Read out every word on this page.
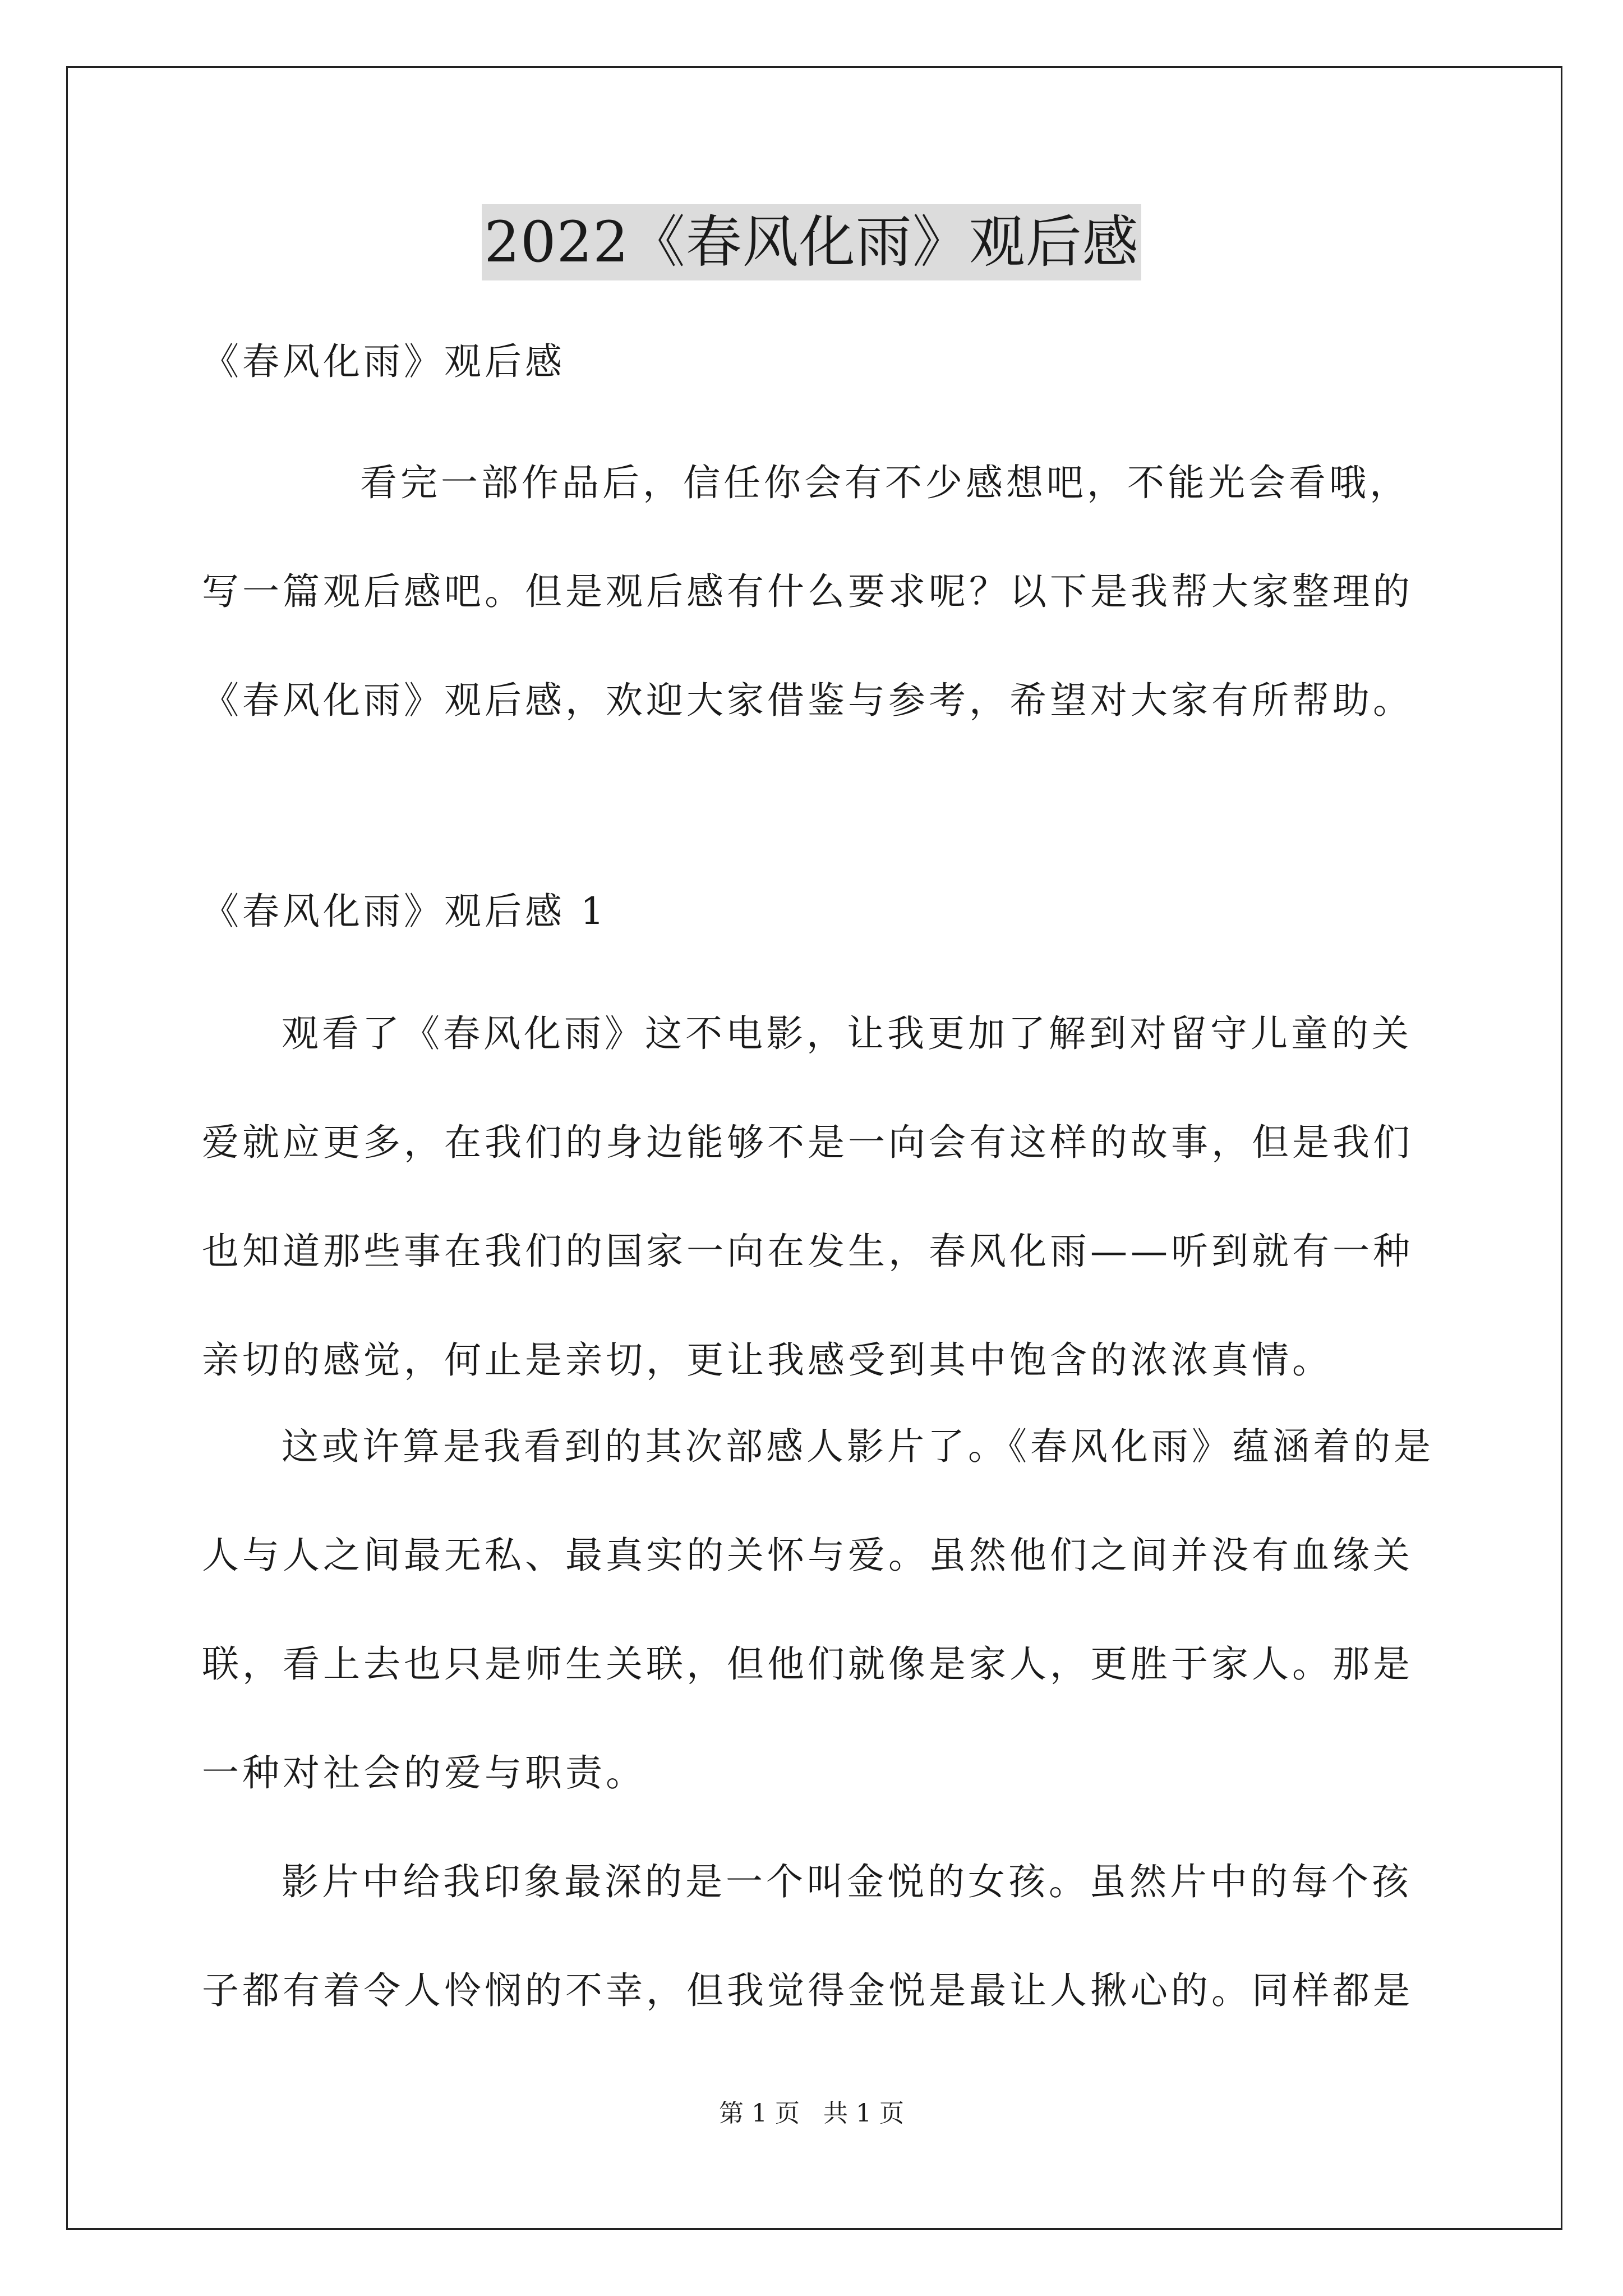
2022《春风化雨》观后感
《春风化雨》观后感
看完一部作品后，信任你会有不少感想吧，不能光会看哦，
写一篇观后感吧。但是观后感有什么要求呢？以下是我帮大家整理的
《春风化雨》观后感，欢迎大家借鉴与参考，希望对大家有所帮助。
《春风化雨》观后感 1
观看了《春风化雨》这不电影，让我更加了解到对留守儿童的关
爱就应更多，在我们的身边能够不是一向会有这样的故事，但是我们
也知道那些事在我们的国家一向在发生，春风化雨——听到就有一种
亲切的感觉，何止是亲切，更让我感受到其中饱含的浓浓真情。
这或许算是我看到的其次部感人影片了。《春风化雨》蕴涵着的是
人与人之间最无私、最真实的关怀与爱。虽然他们之间并没有血缘关
联，看上去也只是师生关联，但他们就像是家人，更胜于家人。那是
一种对社会的爱与职责。
影片中给我印象最深的是一个叫金悦的女孩。虽然片中的每个孩
子都有着令人怜悯的不幸，但我觉得金悦是最让人揪心的。同样都是
第 1 页 共 1 页
